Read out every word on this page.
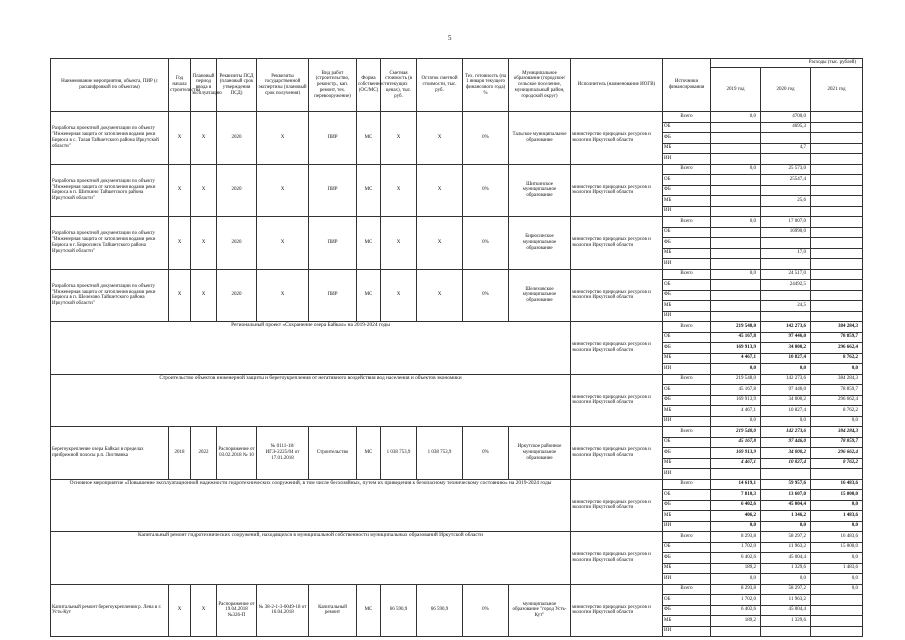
5
Наименование мероприятия, объекта, ПИР (с расшифровкой по объектам)	Год начала строительства	Плановый период ввода в эксплуатацию	Реквизиты ПСД (плановый срок утверждения ПСД)	Реквизиты государственной экспертизы (плановый срок получения)	Вид работ (строительство, реконстр., кап. ремонт, тех. перевооружение)	Форма собственности (ОС/МС)	Сметная стоимость (в текущих ценах), тыс. руб.	Остаток сметной стоимости, тыс. руб.	Тех. готовность (на 1 января текущего финансового года) %	Муниципальное образование (городское/сельское поселение, муниципальный район, городской округ)	Исполнитель (наименование ИОГВ)	Источники финансирования	Расходы (тыс. рублей)		
													2019 год	2020 год	2021 год
Разработка проектной документации по объекту "Инженерная защита от затопления водами реки Бирюса в с. Талая Тайшетского района Иркутской области"	X	X	2020	X	ПИР	МС	X	X	0%	Тальское муниципальное образование	министерство природных ресурсов и экологии Иркутской области	Всего	0,0	4700,0	
												ОБ		4695,3	
												ФБ			
												МБ		4,7	
												ИИ			
Разработка проектной документации по объекту "Инженерная защита от затопления водами реки Бирюса в п. Шиткино Тайшетского района Иркутской области"	X	X	2020	X	ПИР	МС	X	X	0%	Шиткинское муниципальное образование	министерство природных ресурсов и экологии Иркутской области	Всего	0,0	25 573,0	
												ОБ		25547,4	
												ФБ			
												МБ		25,6	
												ИИ			
Разработка проектной документации по объекту "Инженерная защита от затопления водами реки Бирюса в г. Бирюсинск Тайшетского района Иркутской области"	X	X	2020	X	ПИР	МС	X	X	0%	Бирюсинское муниципальное образование	министерство природных ресурсов и экологии Иркутской области	Всего	0,0	17 007,0	
												ОБ		16990,0	
												ФБ			
												МБ		17,0	
												ИИ			
Разработка проектной документации по объекту "Инженерная защита от затопления водами реки Бирюса в п. Шелехово Тайшетского района Иркутской области"	X	X	2020	X	ПИР	МС	X	X	0%	Шелеховское муниципальное образование	министерство природных ресурсов и экологии Иркутской области	Всего	0,0	24 517,0	
												ОБ		24492,5	
												ФБ			
												МБ		24,5	
												ИИ			
Региональный проект «Сохранение озера Байкал» на 2019-2024 годы											министерство природных ресурсов и экологии Иркутской области	Всего	219 548,0	142 273,6	384 284,3
												ОБ	45 167,8	97 446,0	78 859,7
												ФБ	169 913,9	34 000,2	296 662,4
												МБ	4 467,1	10 827,4	8 762,2
												ИИ	0,0	0,0	0,0
Строительство объектов инженерной защиты и берегоукрепления от негативного воздействия вод населения и объектов экономики											министерство природных ресурсов и экологии Иркутской области	Всего	219 548,0	142 273,6	384 284,3
												ОБ	45 167,8	97 446,0	78 859,7
												ФБ	169 913,9	34 000,2	296 662,4
												МБ	4 467,1	10 827,4	8 762,2
												ИИ	0,0	0,0	0,0
Берегоукрепление озера Байкал в пределах прибрежной полосы р.п. Листвянка	2018	2022	Распоряжение от 03.02.2018 № 10	№ 0111-18/ИГЭ-2225/04 от 17.01.2018	Строительство	МС	1 038 753,9	1 038 753,9	0%	Иркутское районное муниципальное образование	министерство природных ресурсов и экологии Иркутской области	Всего	219 548,0	142 273,6	384 284,3
												ОБ	45 167,8	97 446,0	78 859,7
												ФБ	169 913,9	34 000,2	296 662,4
												МБ	4 467,1	10 827,4	8 762,2
												ИИ			
Основное мероприятие «Повышение эксплуатационной надежности гидротехнических сооружений, в том числе бесхозяйных, путем их приведения к безопасному техническому состоянию» на 2019-2024 годы											министерство природных ресурсов и экологии Иркутской области	Всего	14 619,1	59 957,6	16 483,6
												ОБ	7 810,3	13 607,0	15 000,0
												ФБ	6 402,6	45 004,4	0,0
												МБ	406,2	1 346,2	1 483,6
												ИИ	0,0	0,0	0,0
Капитальный ремонт гидротехнических сооружений, находящихся в муниципальной собственности муниципальных образований Иркутской области											министерство природных ресурсов и экологии Иркутской области	Всего	8 293,8	58 297,2	16 483,6
												ОБ	1 702,0	11 963,2	15 000,0
												ФБ	6 402,6	45 004,4	0,0
												МБ	189,2	1 329,6	1 483,6
												ИИ	0,0	0,0	0,0
Капитальный ремонт берегоукрепления р. Лена в г. Усть-Кут	X	X	Распоряжение от 19.04.2018 №326-П	№ 38-2-1-3-0049-18 от 16.04.2018	Капитальный ремонт	МС	66 590,9	66 590,9	0%	муниципальное образование "город Усть-Кут"	министерство природных ресурсов и экологии Иркутской области	Всего	8 293,8	58 297,2	0,0
												ОБ	1 702,0	11 963,2	
												ФБ	6 402,6	45 004,4	
												МБ	189,2	1 329,6	
												ИИ			
